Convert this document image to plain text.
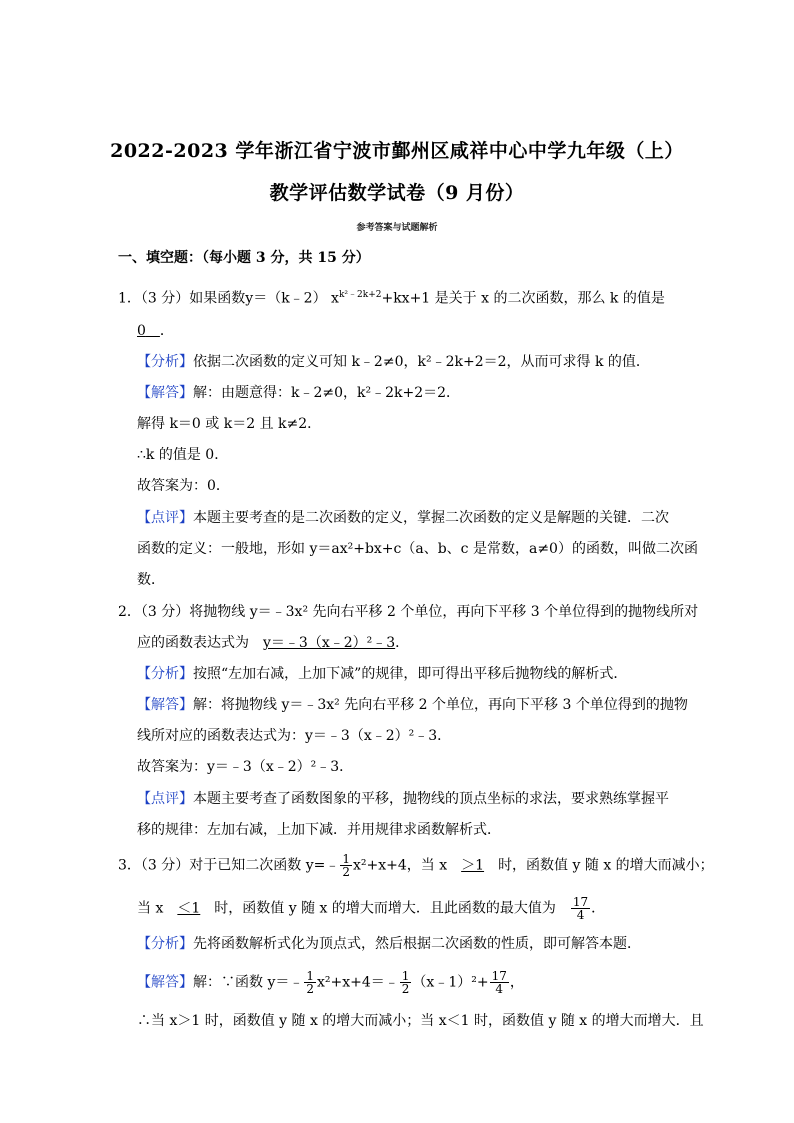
2022-2023 学年浙江省宁波市鄞州区咸祥中心中学九年级（上）
教学评估数学试卷（9 月份）
参考答案与试题解析
一、填空题：（每小题 3 分，共 15 分）
1．（3 分）如果函数y＝（k﹣2） $x^{k^2﹣2k+2}+kx+1$ 是关于 x 的二次函数，那么 k 的值是
0　 ．
【分析】依据二次函数的定义可知 k﹣2≠0，k²﹣2k+2＝2，从而可求得 k 的值．
【解答】解：由题意得：k﹣2≠0，k²﹣2k+2＝2．
解得 k＝0 或 k＝2 且 k≠2．
∴k 的值是 0．
故答案为：0．
【点评】本题主要考查的是二次函数的定义，掌握二次函数的定义是解题的关键．二次
函数的定义：一般地，形如 y＝ax²+bx+c（a、b、c 是常数，a≠0）的函数，叫做二次函
数．
2．（3 分）将抛物线 y＝﹣3x² 先向右平移 2 个单位，再向下平移 3 个单位得到的抛物线所对
应的函数表达式为　 y＝﹣3（x﹣2）²﹣3．
【分析】按照“左加右减，上加下减”的规律，即可得出平移后抛物线的解析式．
【解答】解：将抛物线 y＝﹣3x² 先向右平移 2 个单位，再向下平移 3 个单位得到的抛物
线所对应的函数表达式为：y＝﹣3（x﹣2）²﹣3．
故答案为：y＝﹣3（x﹣2）²﹣3．
【点评】本题主要考查了函数图象的平移，抛物线的顶点坐标的求法，要求熟练掌握平
移的规律：左加右减，上加下减．并用规律求函数解析式．
3．（3 分）对于已知二次函数 y=﹣ $\frac{1}{2} x^2+x+4$，当 x　 ＞1　 时，函数值 y 随 x 的增大而减小；
当 x　 ＜1　 时，函数值 y 随 x 的增大而增大．且此函数的最大值为　 $\frac{17}{4}$ ．
【分析】先将函数解析式化为顶点式，然后根据二次函数的性质，即可解答本题．
【解答】解：∵函数 y＝﹣ $\frac{1}{2}$ x²+x+4＝﹣ $\frac{1}{2}$ （x﹣1）²+ $\frac{17}{4}$ ，
∴当 x＞1 时，函数值 y 随 x 的增大而减小；当 x＜1 时，函数值 y 随 x 的增大而增大．且
